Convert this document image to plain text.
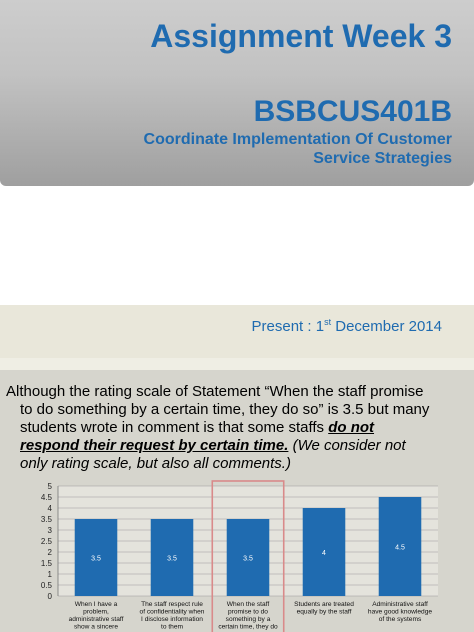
Assignment Week 3
BSBCUS401B
Coordinate Implementation Of Customer
Service Strategies
Present : 1st December 2014
Although the rating scale of Statement “When the staff promise
to do something by a certain time, they do so” is 3.5 but many
students wrote in comment is that some staffs do not
respond their request by certain time. (We consider not
only rating scale, but also all comments.)
0
0.5
1
1.5
2
2.5
3
3.5
4
4.5
5
3.5
When I have a
problem,
administrative staff
show a sincere
3.5
The staff respect rule
of confidentiality when
I disclose information
to them
3.5
When the staff
promise to do
something by a
certain time, they do
4
Students are treated
equally by the staff
4.5
Administrative staff
have good knowledge
of the systems
